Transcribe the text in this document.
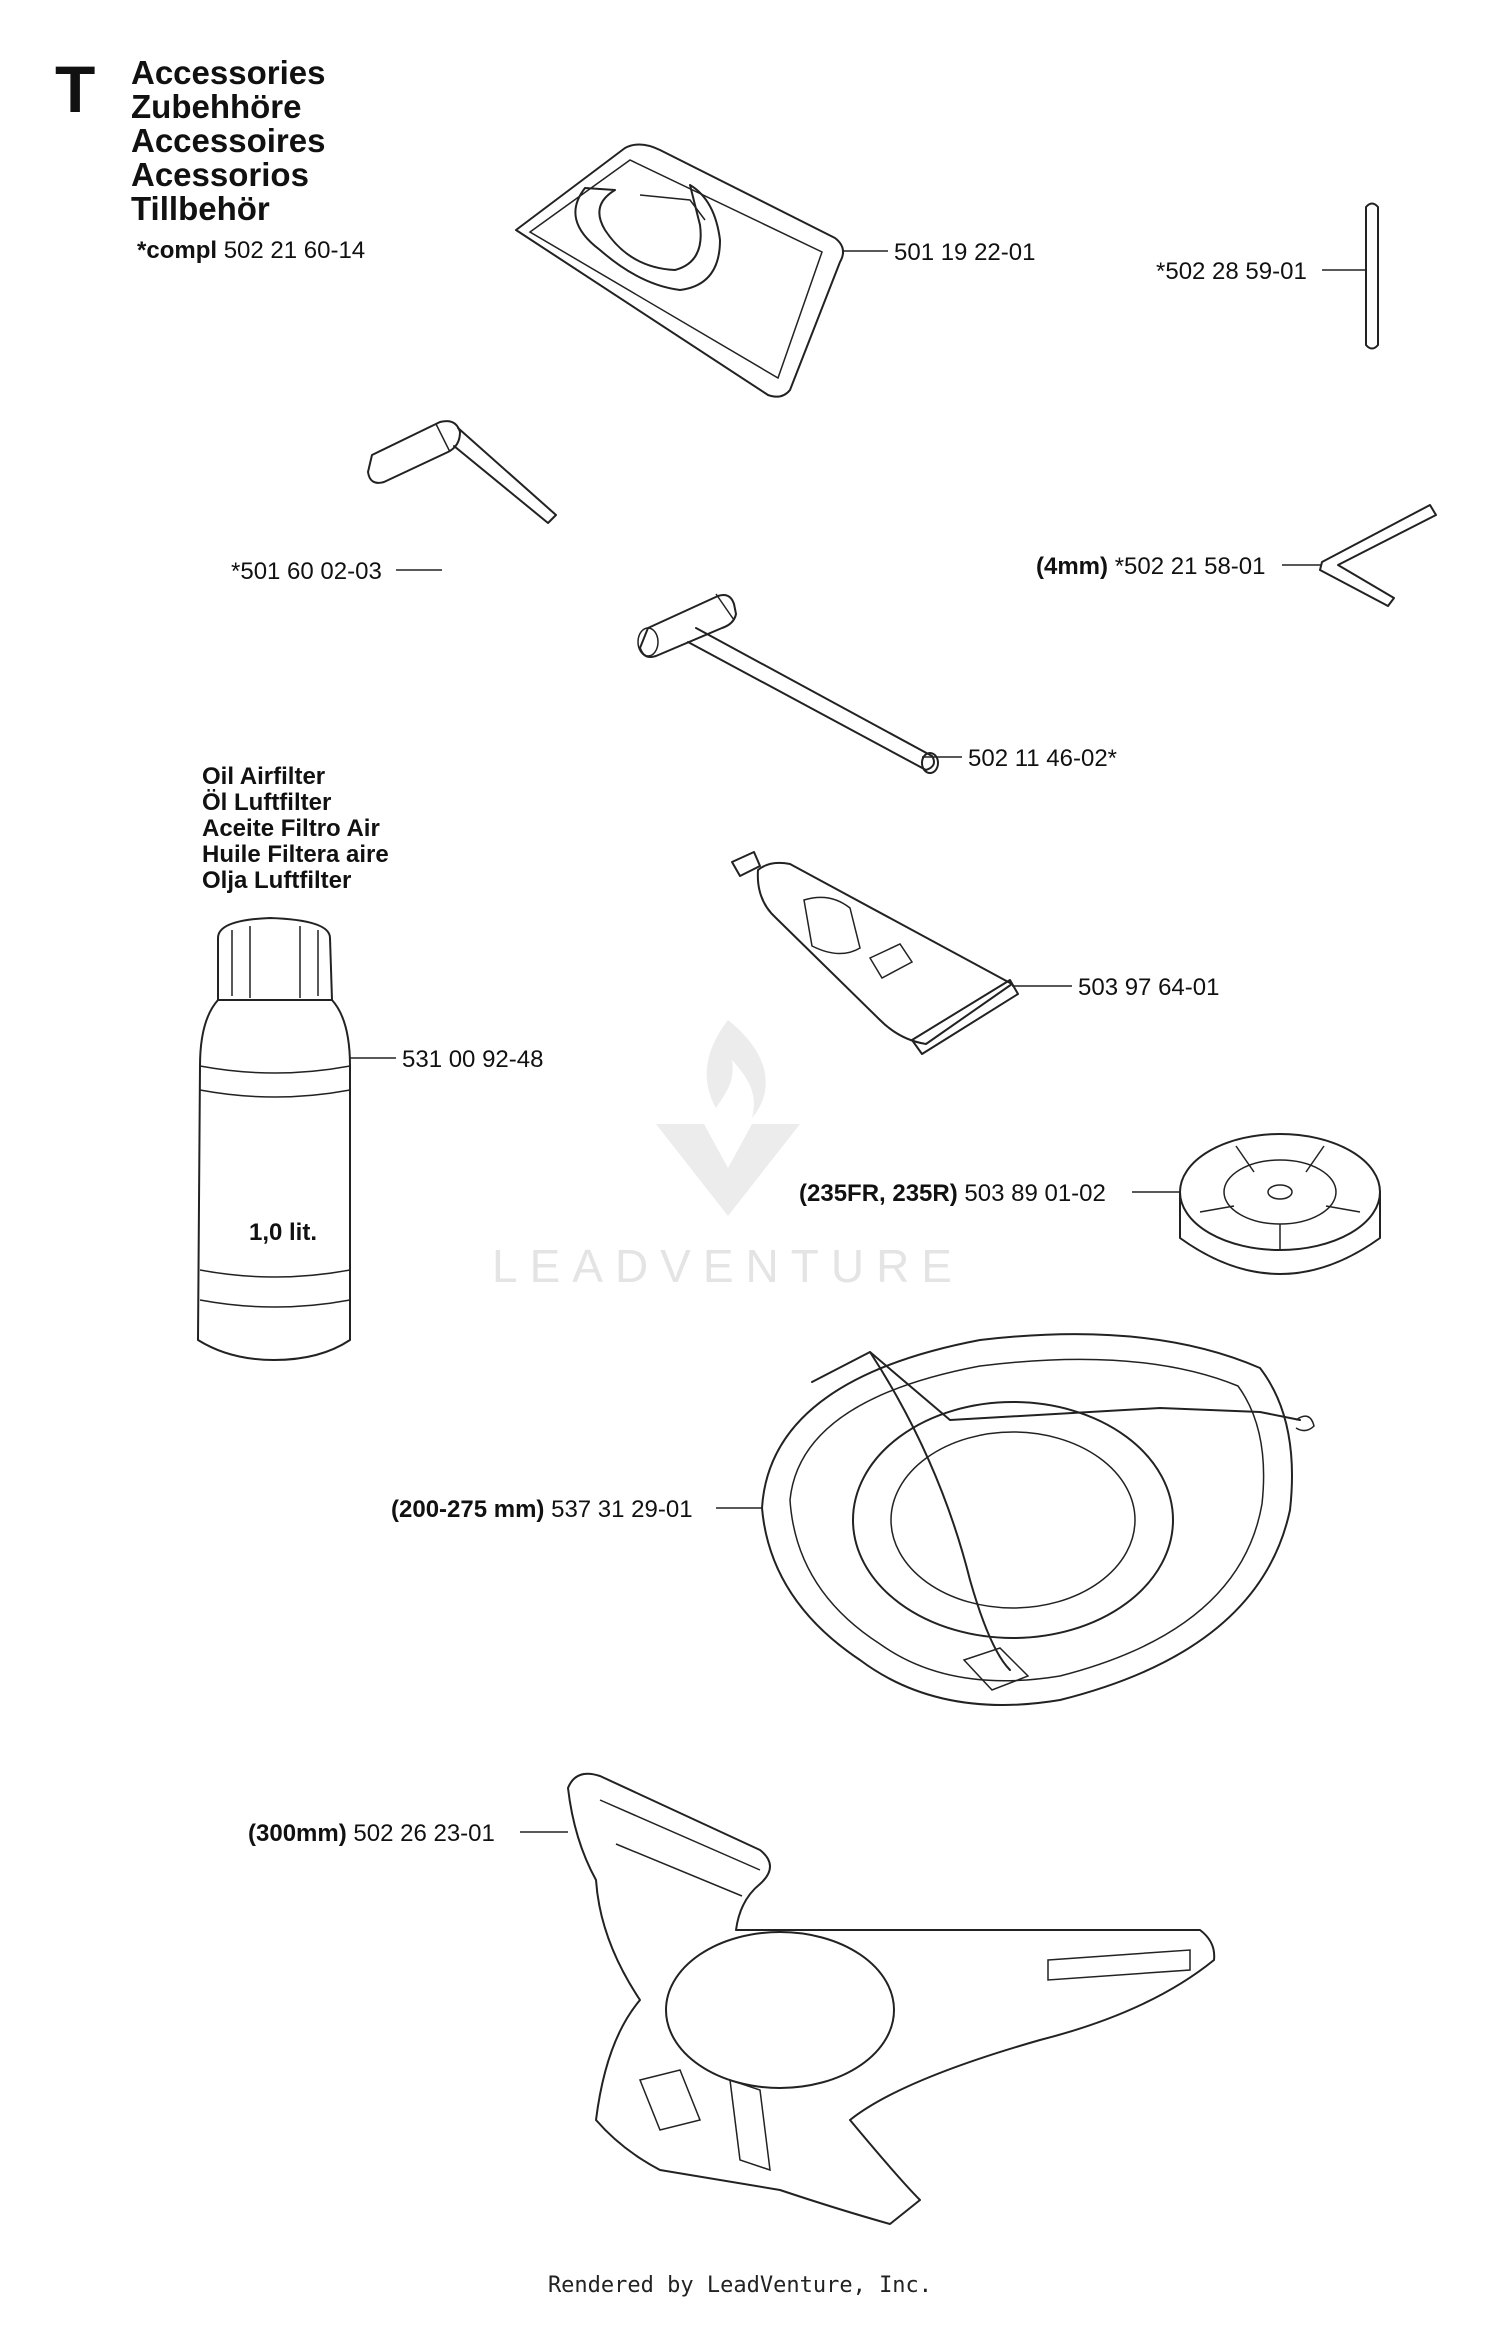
LEADVENTURE
T Accessories
Zubehhöre
Accessoires
Acessorios
Tillbehör
*compl 502 21 60-14	501 19 22-01
*502 28 59-01
*501 60 02-03	(4mm) *502 21 58-01
502 11 46-02*
Oil Airfilter
Öl Luftfilter
Aceite Filtro Air
Huile Filtera aire
Olja Luftfilter
1,0 lit.
531 00 92-48
503 97 64-01
(235FR, 235R) 503 89 01-02
(200-275 mm) 537 31 29-01
(300mm) 502 26 23-01
Rendered by LeadVenture, Inc.
